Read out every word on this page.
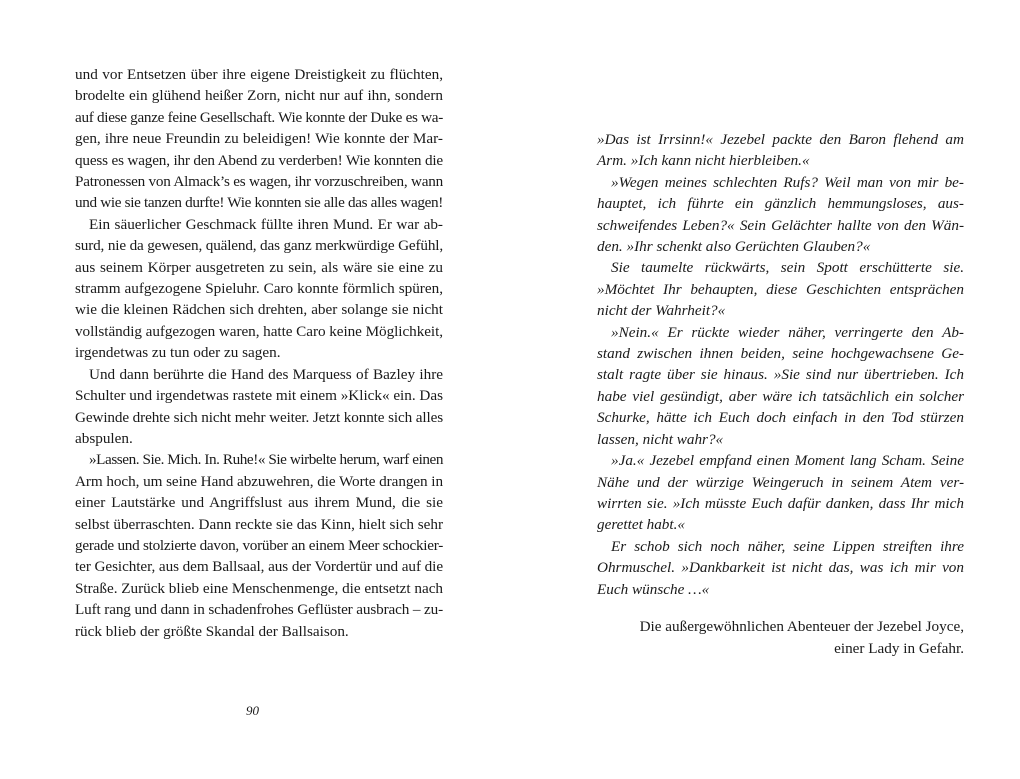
und vor Entsetzen über ihre eigene Dreistigkeit zu flüchten,
brodelte ein glühend heißer Zorn, nicht nur auf ihn, sondern
auf diese ganze feine Gesellschaft. Wie konnte der Duke es wa-
gen, ihre neue Freundin zu beleidigen! Wie konnte der Mar-
quess es wagen, ihr den Abend zu verderben! Wie konnten die
Patronessen von Almack’s es wagen, ihr vorzuschreiben, wann
und wie sie tanzen durfte! Wie konnten sie alle das alles wagen!
Ein säuerlicher Geschmack füllte ihren Mund. Er war ab-
surd, nie da gewesen, quälend, das ganz merkwürdige Gefühl,
aus seinem Körper ausgetreten zu sein, als wäre sie eine zu
stramm aufgezogene Spieluhr. Caro konnte förmlich spüren,
wie die kleinen Rädchen sich drehten, aber solange sie nicht
vollständig aufgezogen waren, hatte Caro keine Möglichkeit,
irgendetwas zu tun oder zu sagen.
Und dann berührte die Hand des Marquess of Bazley ihre
Schulter und irgendetwas rastete mit einem »Klick« ein. Das
Gewinde drehte sich nicht mehr weiter. Jetzt konnte sich alles
abspulen.
»Lassen. Sie. Mich. In. Ruhe!« Sie wirbelte herum, warf einen
Arm hoch, um seine Hand abzuwehren, die Worte drangen in
einer Lautstärke und Angriffslust aus ihrem Mund, die sie
selbst überraschten. Dann reckte sie das Kinn, hielt sich sehr
gerade und stolzierte davon, vorüber an einem Meer schockier-
ter Gesichter, aus dem Ballsaal, aus der Vordertür und auf die
Straße. Zurück blieb eine Menschenmenge, die entsetzt nach
Luft rang und dann in schadenfrohes Geflüster ausbrach – zu-
rück blieb der größte Skandal der Ballsaison.
90
»Das ist Irrsinn!« Jezebel packte den Baron flehend am
Arm. »Ich kann nicht hierbleiben.«
»Wegen meines schlechten Rufs? Weil man von mir be-
hauptet, ich führte ein gänzlich hemmungsloses, aus-
schweifendes Leben?« Sein Gelächter hallte von den Wän-
den. »Ihr schenkt also Gerüchten Glauben?«
Sie taumelte rückwärts, sein Spott erschütterte sie.
»Möchtet Ihr behaupten, diese Geschichten entsprächen
nicht der Wahrheit?«
»Nein.« Er rückte wieder näher, verringerte den Ab-
stand zwischen ihnen beiden, seine hochgewachsene Ge-
stalt ragte über sie hinaus. »Sie sind nur übertrieben. Ich
habe viel gesündigt, aber wäre ich tatsächlich ein solcher
Schurke, hätte ich Euch doch einfach in den Tod stürzen
lassen, nicht wahr?«
»Ja.« Jezebel empfand einen Moment lang Scham. Seine
Nähe und der würzige Weingeruch in seinem Atem ver-
wirrten sie. »Ich müsste Euch dafür danken, dass Ihr mich
gerettet habt.«
Er schob sich noch näher, seine Lippen streiften ihre
Ohrmuschel. »Dankbarkeit ist nicht das, was ich mir von
Euch wünsche …«
Die außergewöhnlichen Abenteuer der Jezebel Joyce,
einer Lady in Gefahr.
